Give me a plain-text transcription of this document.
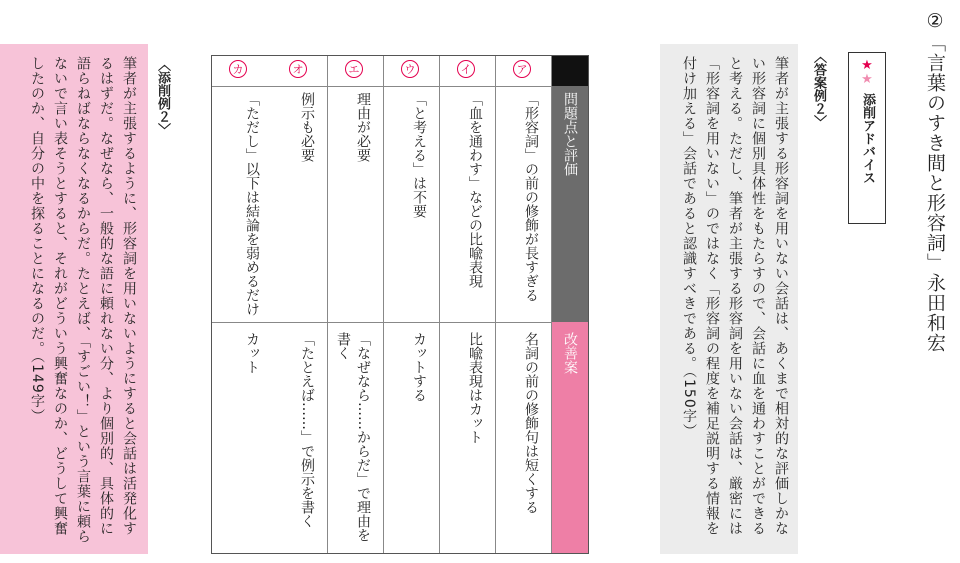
②「言葉のすき間と形容詞」永田和宏
★
★
添削アドバイス
〈答案例２〉
筆者が主張する形容詞を用いない会話は、あくまで相対的な評価しかない形容詞に個別具体性をもたらすので、会話に血を通わすことができると考える。ただし、筆者が主張する形容詞を用いない会話は、厳密には「形容詞を用いない」のではなく「形容詞の程度を補足説明する情報を付け加える」会話であると認識すべきである。（150字）
ア
「形容詞」の前の修飾が長すぎる
名詞の前の修飾句は短くする
イ
「血を通わす」などの比喩表現
比喩表現はカット
ウ
「と考える」は不要
カットする
エ
理由が必要
「なぜなら……からだ」で理由を書く
オ
例示も必要
「たとえば……」で例示を書く
カ
「ただし」以下は結論を弱めるだけ
カット
問題点と評価
改善案
〈添削例２〉
筆者が主張するように、形容詞を用いないようにすると会話は活発化するはずだ。なぜなら、一般的な語に頼れない分、より個別的、具体的に語らねばならなくなるからだ。たとえば、「すごい！」という言葉に頼らないで言い表そうとすると、それがどういう興奮なのか、どうして興奮したのか、自分の中を探ることになるのだ。（149字）
